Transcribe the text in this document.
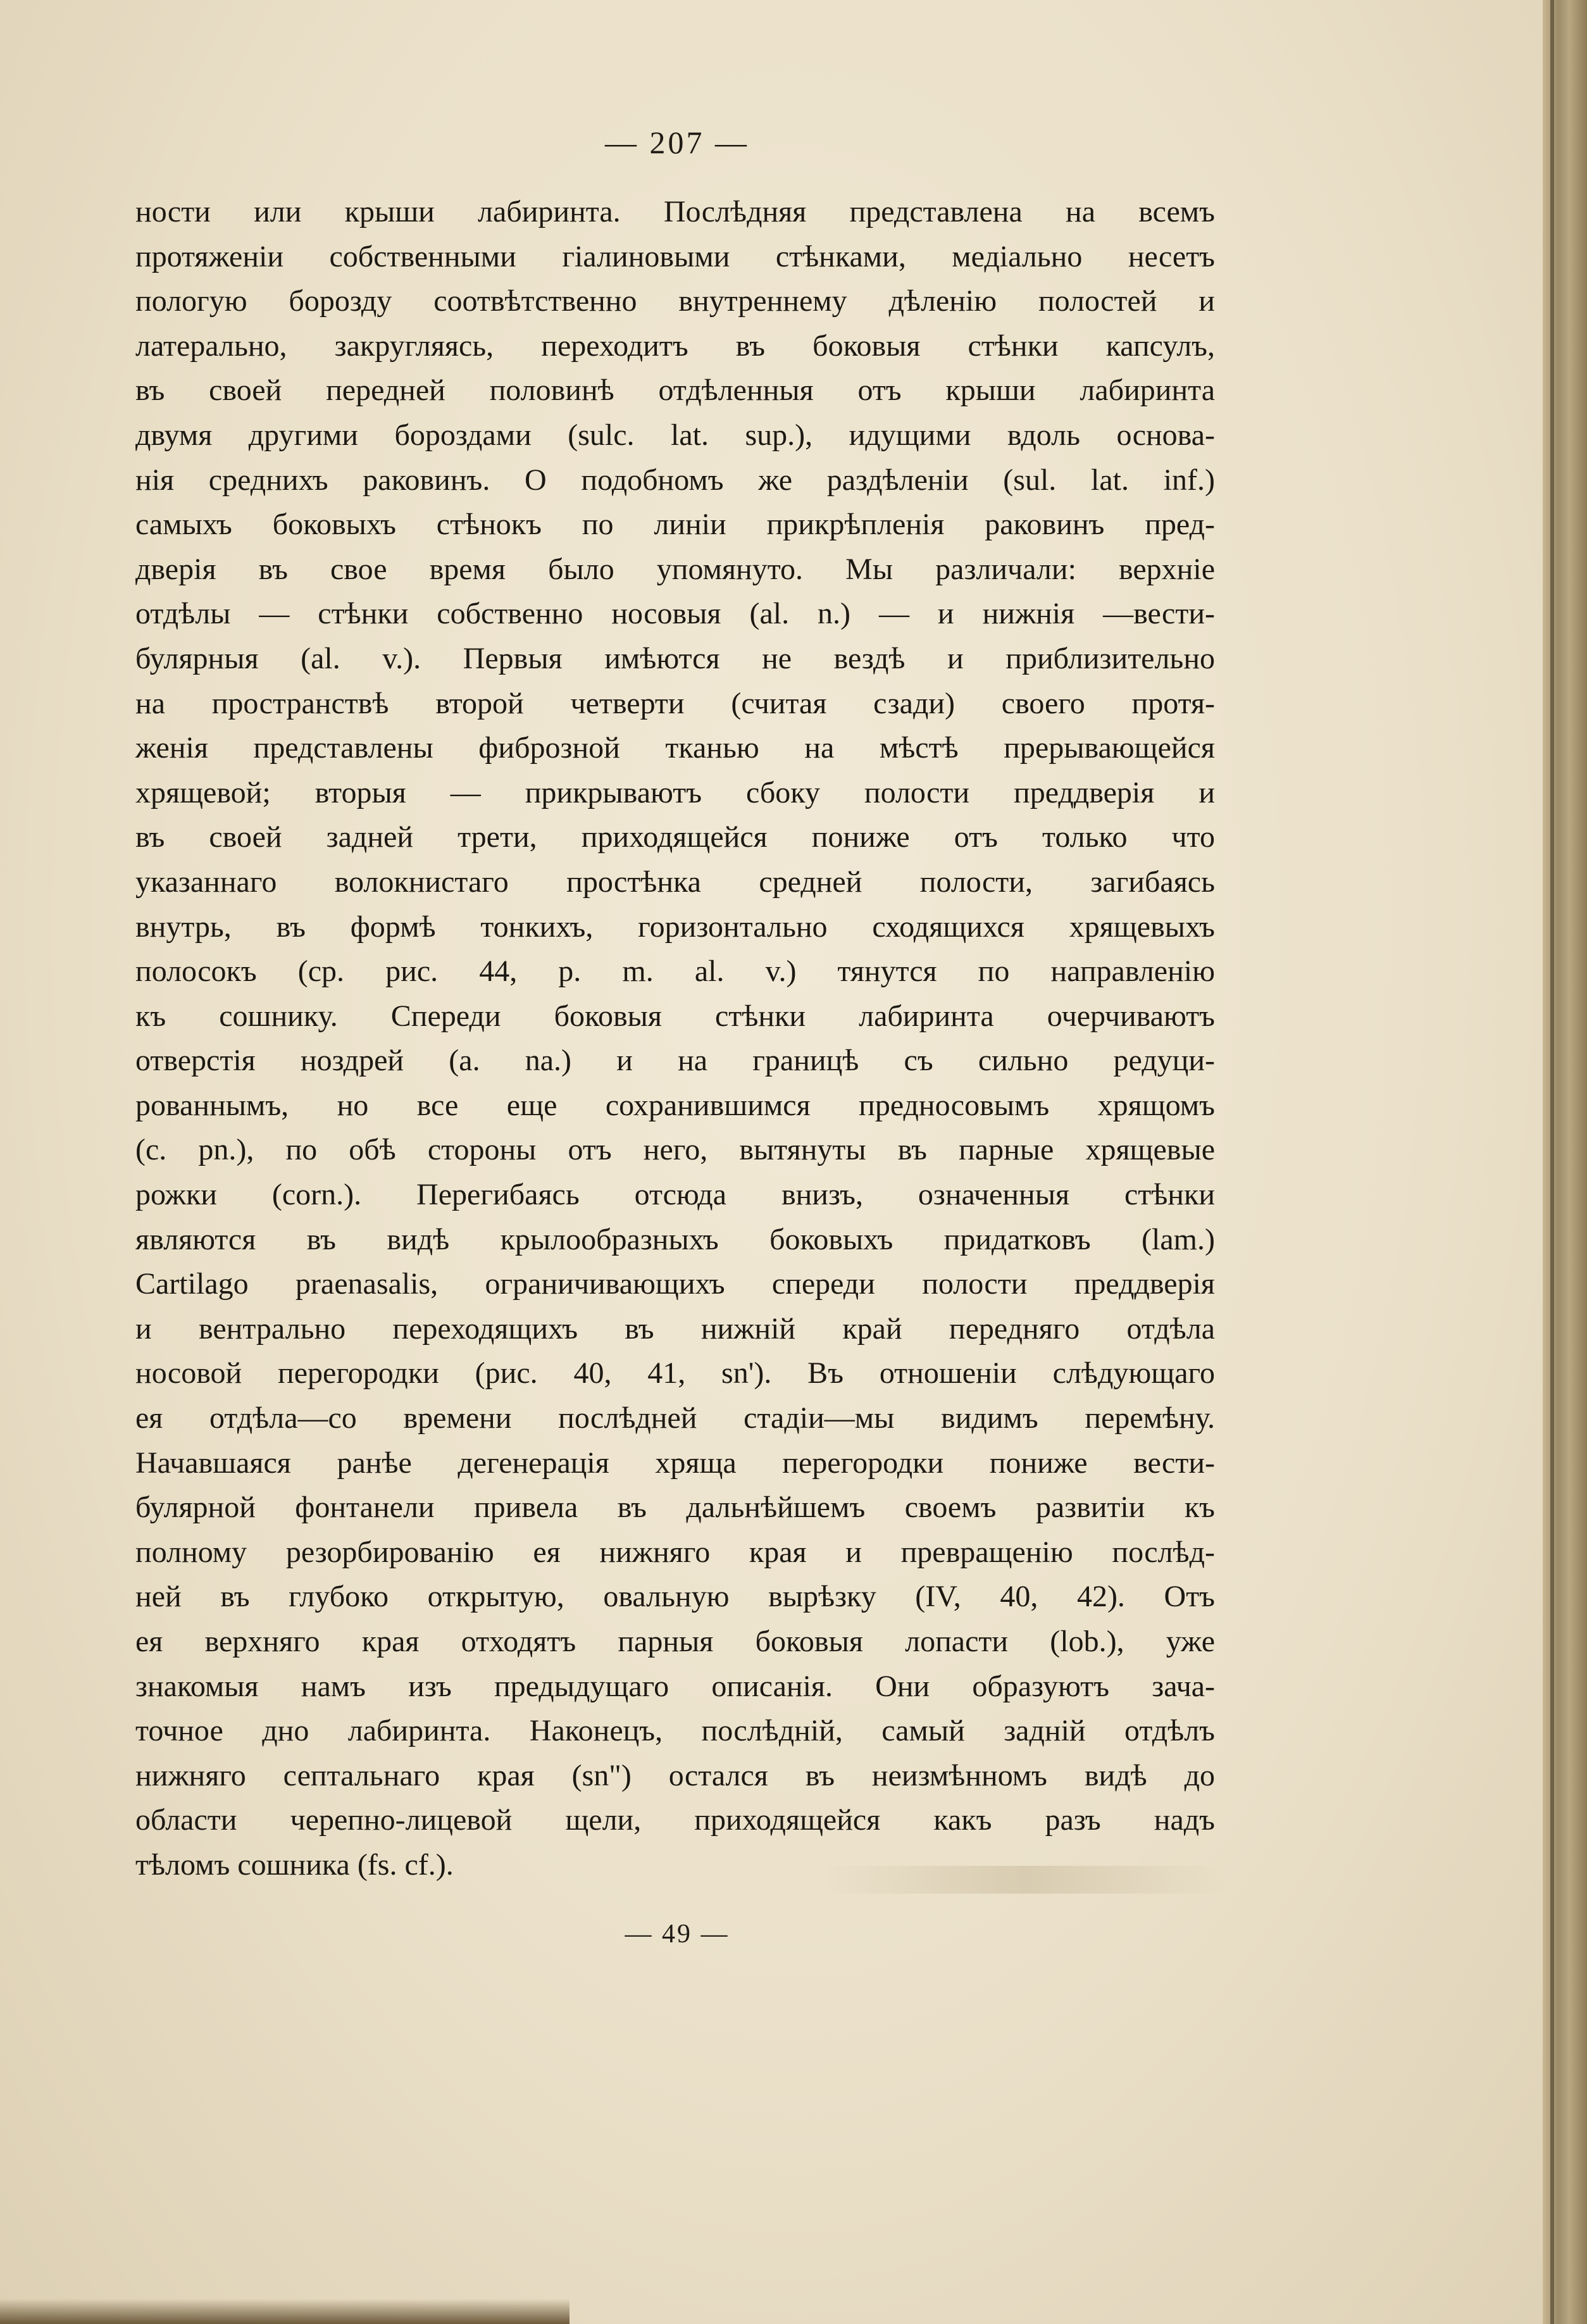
— 207 —
ности или крыши лабиринта. Послѣдняя представлена на всемъ
протяженіи собственными гіалиновыми стѣнками, медіально несетъ
пологую борозду соотвѣтственно внутреннему дѣленію полостей и
латерально, закругляясь, переходитъ въ боковыя стѣнки капсулъ,
въ своей передней половинѣ отдѣленныя отъ крыши лабиринта
двумя другими бороздами (sulc. lat. sup.), идущими вдоль основа-
нія среднихъ раковинъ. О подобномъ же раздѣленіи (sul. lat. inf.)
самыхъ боковыхъ стѣнокъ по линіи прикрѣпленія раковинъ пред-
дверія въ свое время было упомянуто. Мы различали: верхніе
отдѣлы — стѣнки собственно носовыя (al. n.) — и нижнія —вести-
булярныя (al. v.). Первыя имѣются не вездѣ и приблизительно
на пространствѣ второй четверти (считая сзади) своего протя-
женія представлены фиброзной тканью на мѣстѣ прерывающейся
хрящевой; вторыя — прикрываютъ сбоку полости преддверія и
въ своей задней трети, приходящейся пониже отъ только что
указаннаго волокнистаго простѣнка средней полости, загибаясь
внутрь, въ формѣ тонкихъ, горизонтально сходящихся хрящевыхъ
полосокъ (ср. рис. 44, p. m. al. v.) тянутся по направленію
къ сошнику. Спереди боковыя стѣнки лабиринта очерчиваютъ
отверстія ноздрей (a. na.) и на границѣ съ сильно редуци-
рованнымъ, но все еще сохранившимся предносовымъ хрящомъ
(c. pn.), по обѣ стороны отъ него, вытянуты въ парные хрящевые
рожки (corn.). Перегибаясь отсюда внизъ, означенныя стѣнки
являются въ видѣ крылообразныхъ боковыхъ придатковъ (lam.)
Cartilago praenasalis, ограничивающихъ спереди полости преддверія
и вентрально переходящихъ въ нижній край передняго отдѣла
носовой перегородки (рис. 40, 41, sn'). Въ отношеніи слѣдующаго
ея отдѣла—со времени послѣдней стадіи—мы видимъ перемѣну.
Начавшаяся ранѣе дегенерація хряща перегородки пониже вести-
булярной фонтанели привела въ дальнѣйшемъ своемъ развитіи къ
полному резорбированію ея нижняго края и превращенію послѣд-
ней въ глубоко открытую, овальную вырѣзку (IV, 40, 42). Отъ
ея верхняго края отходятъ парныя боковыя лопасти (lob.), уже
знакомыя намъ изъ предыдущаго описанія. Они образуютъ зача-
точное дно лабиринта. Наконецъ, послѣдній, самый задній отдѣлъ
нижняго септальнаго края (sn") остался въ неизмѣнномъ видѣ до
области черепно-лицевой щели, приходящейся какъ разъ надъ
тѣломъ сошника (fs. cf.).
— 49 —
